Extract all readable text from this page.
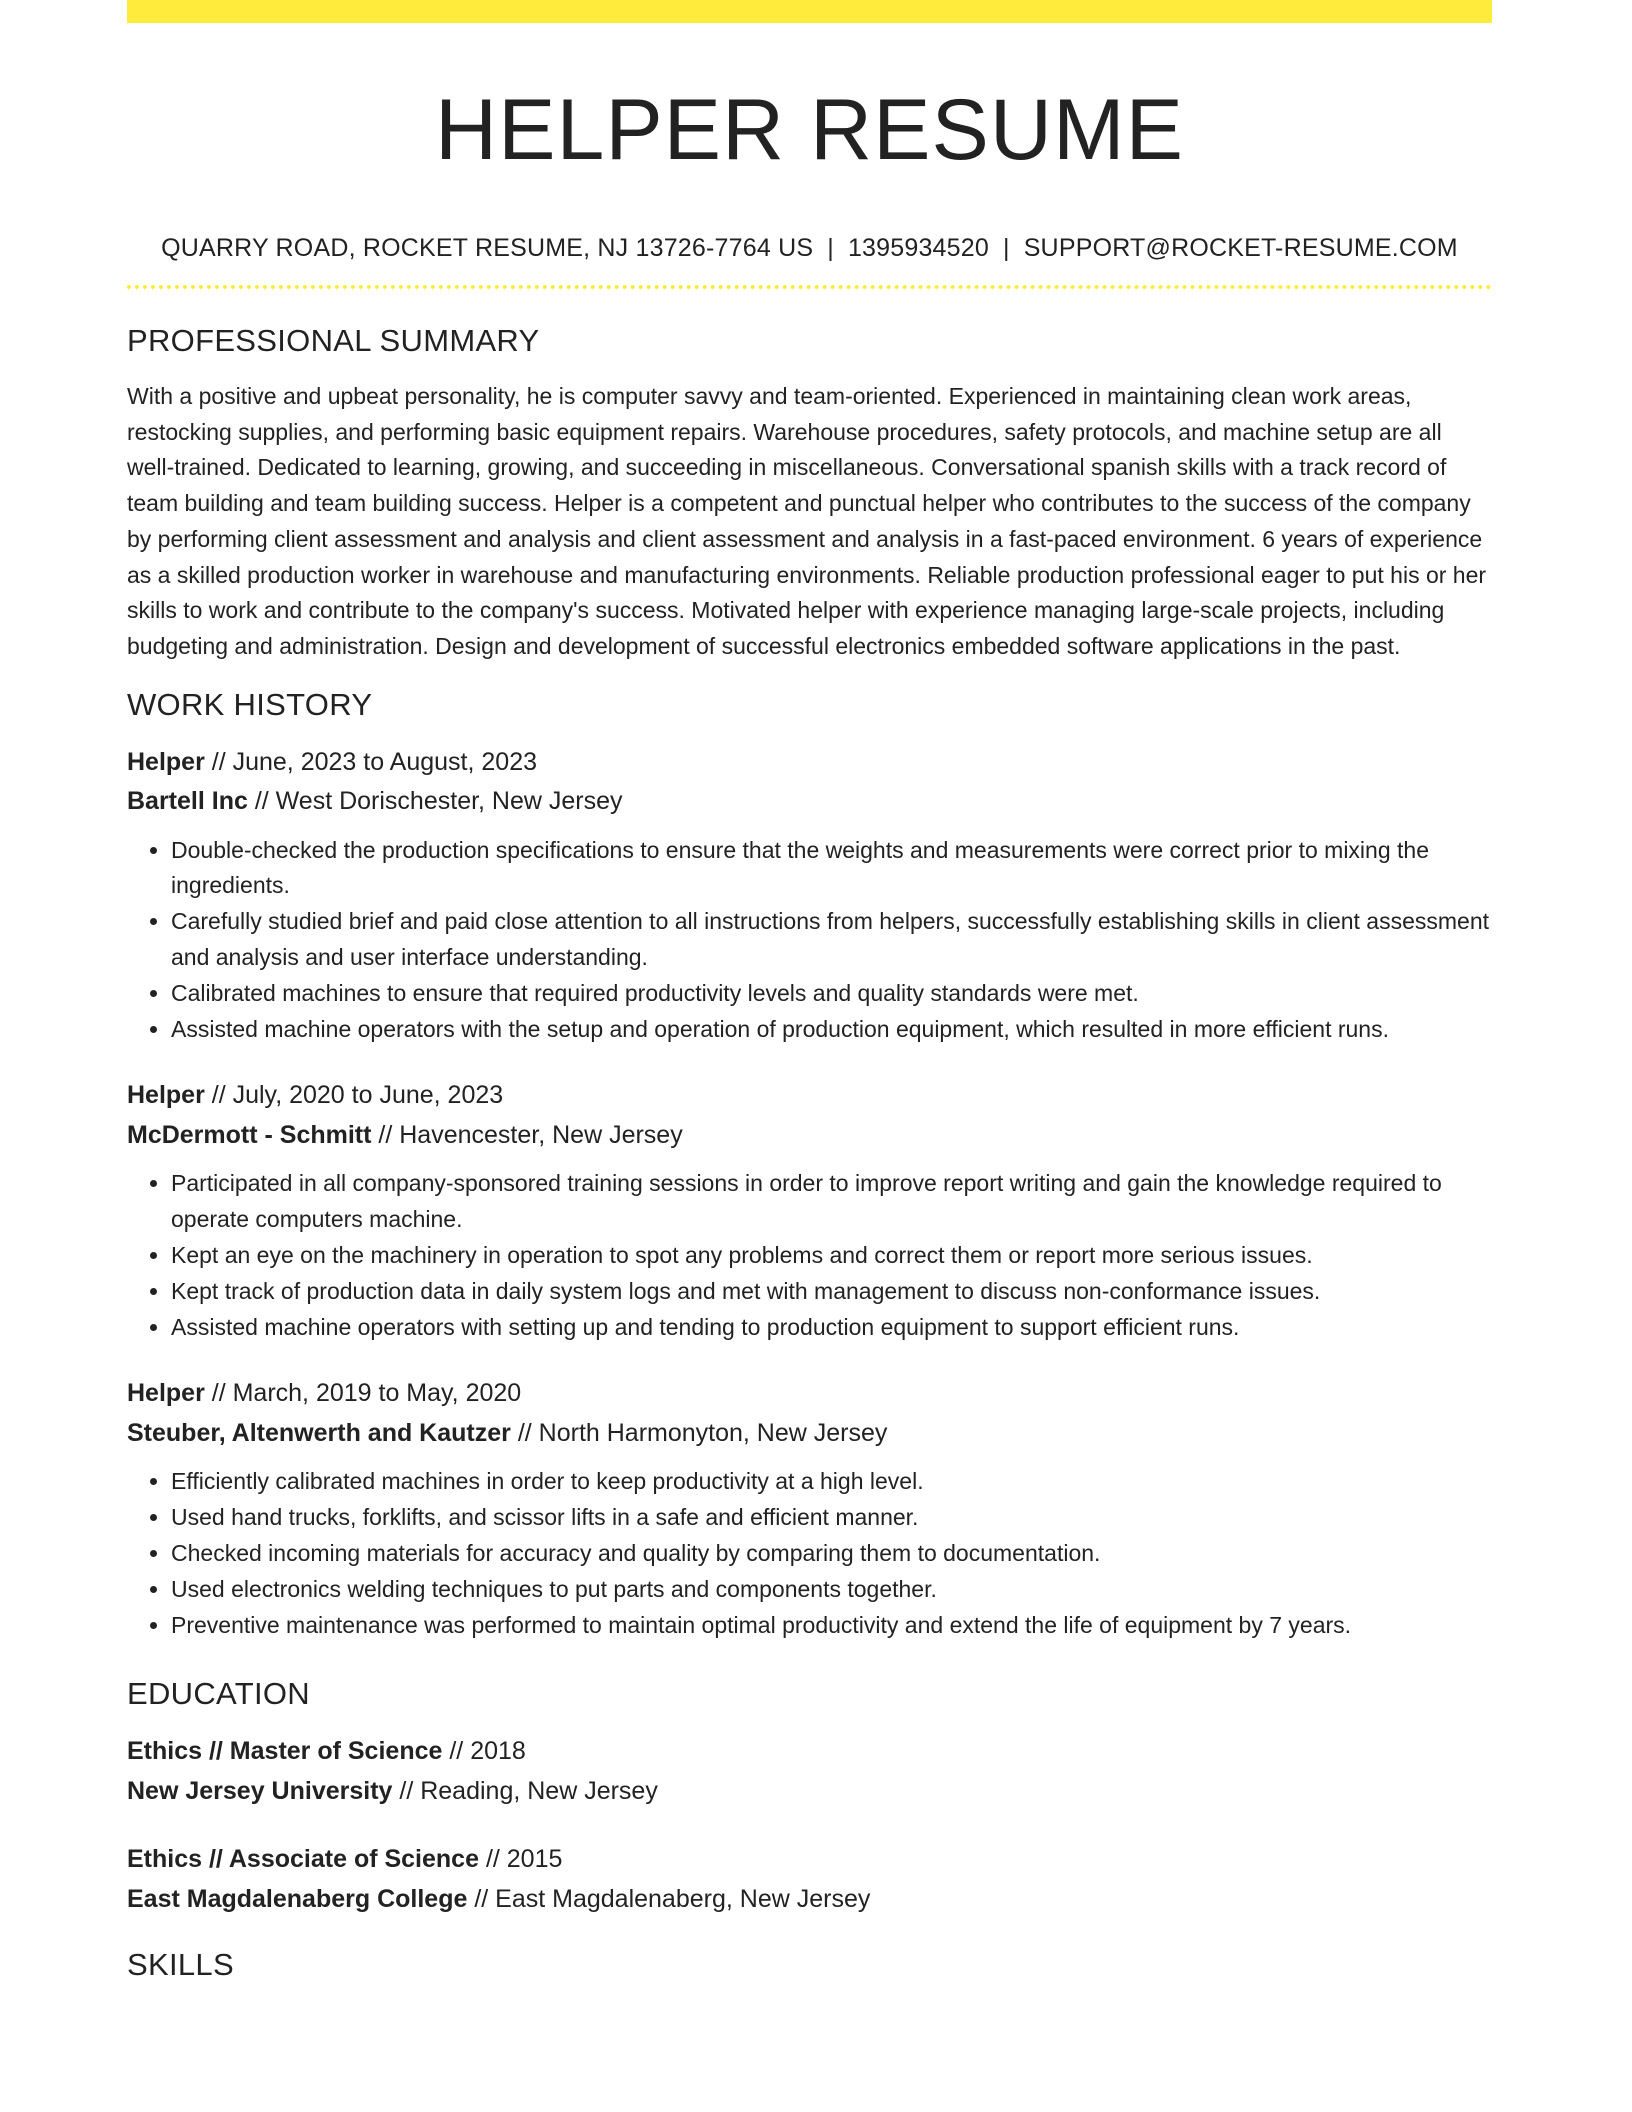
HELPER RESUME
QUARRY ROAD, ROCKET RESUME, NJ 13726-7764 US | 1395934520 | SUPPORT@ROCKET-RESUME.COM
PROFESSIONAL SUMMARY
With a positive and upbeat personality, he is computer savvy and team-oriented. Experienced in maintaining clean work areas, restocking supplies, and performing basic equipment repairs. Warehouse procedures, safety protocols, and machine setup are all well-trained. Dedicated to learning, growing, and succeeding in miscellaneous. Conversational spanish skills with a track record of team building and team building success. Helper is a competent and punctual helper who contributes to the success of the company by performing client assessment and analysis and client assessment and analysis in a fast-paced environment. 6 years of experience as a skilled production worker in warehouse and manufacturing environments. Reliable production professional eager to put his or her skills to work and contribute to the company's success. Motivated helper with experience managing large-scale projects, including budgeting and administration. Design and development of successful electronics embedded software applications in the past.
WORK HISTORY
Helper // June, 2023 to August, 2023
Bartell Inc // West Dorischester, New Jersey
• Double-checked the production specifications to ensure that the weights and measurements were correct prior to mixing the ingredients.
• Carefully studied brief and paid close attention to all instructions from helpers, successfully establishing skills in client assessment and analysis and user interface understanding.
• Calibrated machines to ensure that required productivity levels and quality standards were met.
• Assisted machine operators with the setup and operation of production equipment, which resulted in more efficient runs.
Helper // July, 2020 to June, 2023
McDermott - Schmitt // Havencester, New Jersey
• Participated in all company-sponsored training sessions in order to improve report writing and gain the knowledge required to operate computers machine.
• Kept an eye on the machinery in operation to spot any problems and correct them or report more serious issues.
• Kept track of production data in daily system logs and met with management to discuss non-conformance issues.
• Assisted machine operators with setting up and tending to production equipment to support efficient runs.
Helper // March, 2019 to May, 2020
Steuber, Altenwerth and Kautzer // North Harmonyton, New Jersey
• Efficiently calibrated machines in order to keep productivity at a high level.
• Used hand trucks, forklifts, and scissor lifts in a safe and efficient manner.
• Checked incoming materials for accuracy and quality by comparing them to documentation.
• Used electronics welding techniques to put parts and components together.
• Preventive maintenance was performed to maintain optimal productivity and extend the life of equipment by 7 years.
EDUCATION
Ethics // Master of Science // 2018
New Jersey University // Reading, New Jersey
Ethics // Associate of Science // 2015
East Magdalenaberg College // East Magdalenaberg, New Jersey
SKILLS
